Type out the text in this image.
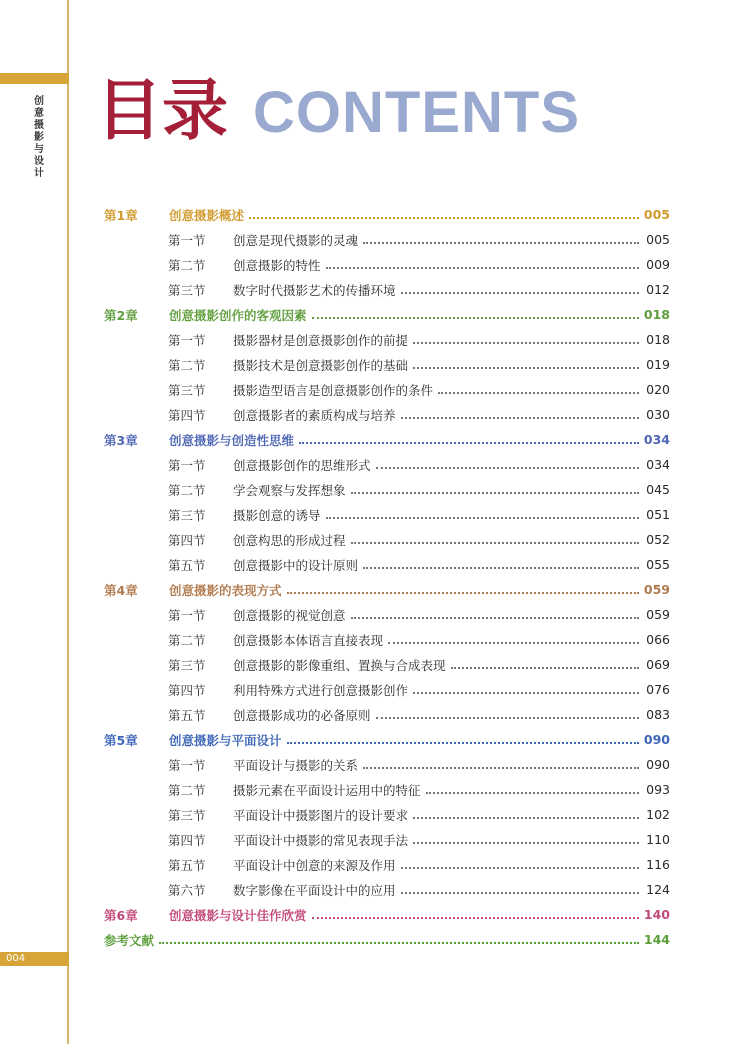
创意摄影与设计
004
目录 CONTENTS
第1章	创意摄影概述	005
第一节	创意是现代摄影的灵魂	005
第二节	创意摄影的特性	009
第三节	数字时代摄影艺术的传播环境	012
第2章	创意摄影创作的客观因素	018
第一节	摄影器材是创意摄影创作的前提	018
第二节	摄影技术是创意摄影创作的基础	019
第三节	摄影造型语言是创意摄影创作的条件	020
第四节	创意摄影者的素质构成与培养	030
第3章	创意摄影与创造性思维	034
第一节	创意摄影创作的思维形式	034
第二节	学会观察与发挥想象	045
第三节	摄影创意的诱导	051
第四节	创意构思的形成过程	052
第五节	创意摄影中的设计原则	055
第4章	创意摄影的表现方式	059
第一节	创意摄影的视觉创意	059
第二节	创意摄影本体语言直接表现	066
第三节	创意摄影的影像重组、置换与合成表现	069
第四节	利用特殊方式进行创意摄影创作	076
第五节	创意摄影成功的必备原则	083
第5章	创意摄影与平面设计	090
第一节	平面设计与摄影的关系	090
第二节	摄影元素在平面设计运用中的特征	093
第三节	平面设计中摄影图片的设计要求	102
第四节	平面设计中摄影的常见表现手法	110
第五节	平面设计中创意的来源及作用	116
第六节	数字影像在平面设计中的应用	124
第6章	创意摄影与设计佳作欣赏	140
参考文献	144
